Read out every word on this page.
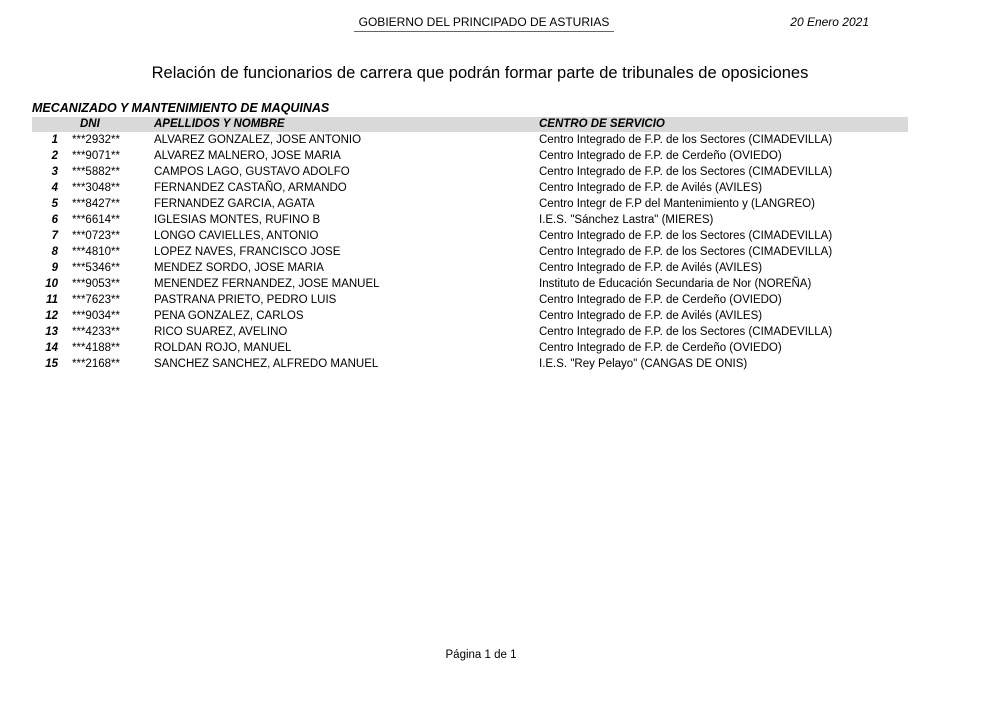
GOBIERNO DEL PRINCIPADO DE ASTURIAS	20 Enero 2021
Relación de funcionarios de carrera que podrán formar parte de tribunales de oposiciones
MECANIZADO Y MANTENIMIENTO DE MAQUINAS
DNI	APELLIDOS Y NOMBRE	CENTRO DE SERVICIO
1 ***2932**	ALVAREZ GONZALEZ, JOSE ANTONIO	Centro Integrado de F.P. de los Sectores (CIMADEVILLA)
2 ***9071**	ALVAREZ MALNERO, JOSE MARIA	Centro Integrado de F.P. de Cerdeño (OVIEDO)
3 ***5882**	CAMPOS LAGO, GUSTAVO ADOLFO	Centro Integrado de F.P. de los Sectores (CIMADEVILLA)
4 ***3048**	FERNANDEZ CASTAÑO, ARMANDO	Centro Integrado de F.P. de Avilés (AVILES)
5 ***8427**	FERNANDEZ GARCIA, AGATA	Centro Integr de F.P del Mantenimiento y (LANGREO)
6 ***6614**	IGLESIAS MONTES, RUFINO B	I.E.S. "Sánchez Lastra" (MIERES)
7 ***0723**	LONGO CAVIELLES, ANTONIO	Centro Integrado de F.P. de los Sectores (CIMADEVILLA)
8 ***4810**	LOPEZ NAVES, FRANCISCO JOSE	Centro Integrado de F.P. de los Sectores (CIMADEVILLA)
9 ***5346**	MENDEZ SORDO, JOSE MARIA	Centro Integrado de F.P. de Avilés (AVILES)
10 ***9053**	MENENDEZ FERNANDEZ, JOSE MANUEL	Instituto de Educación Secundaria de Nor (NOREÑA)
11 ***7623**	PASTRANA PRIETO, PEDRO LUIS	Centro Integrado de F.P. de Cerdeño (OVIEDO)
12 ***9034**	PENA GONZALEZ, CARLOS	Centro Integrado de F.P. de Avilés (AVILES)
13 ***4233**	RICO SUAREZ, AVELINO	Centro Integrado de F.P. de los Sectores (CIMADEVILLA)
14 ***4188**	ROLDAN ROJO, MANUEL	Centro Integrado de F.P. de Cerdeño (OVIEDO)
15 ***2168**	SANCHEZ SANCHEZ, ALFREDO MANUEL	I.E.S. "Rey Pelayo" (CANGAS DE ONIS)
Página 1 de 1
